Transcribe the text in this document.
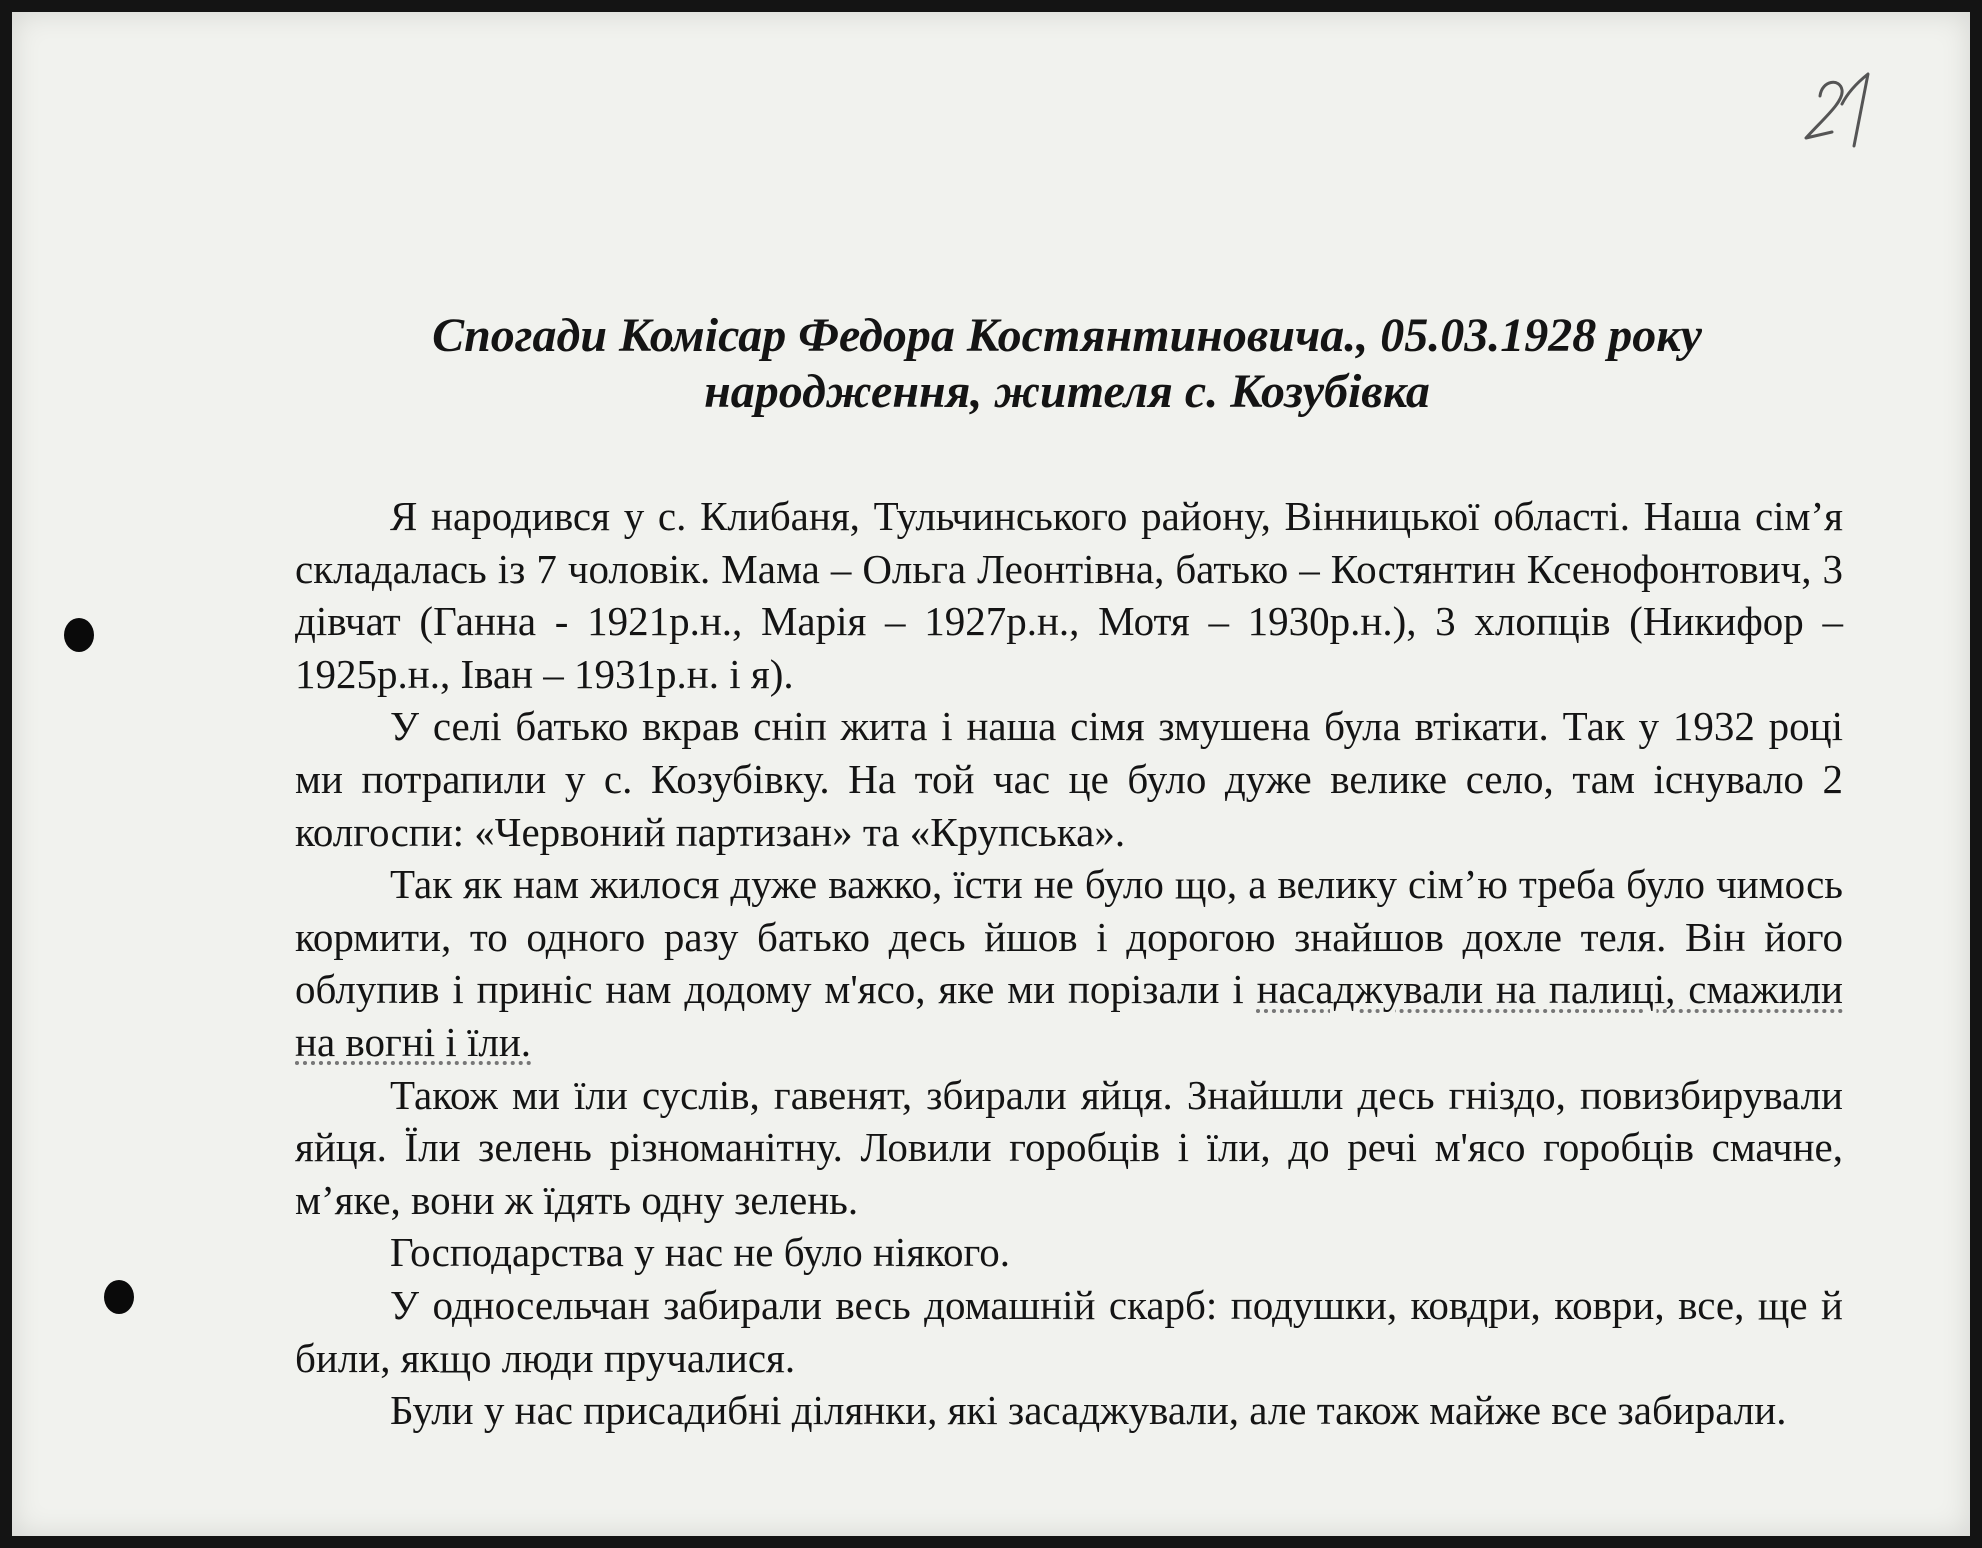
Спогади Комісар Федора Костянтиновича., 05.03.1928 року
народження, жителя с. Козубівка

Я народився у с. Клибаня, Тульчинського району, Вінницької області. Наша сім’я складалась із 7 чоловік. Мама – Ольга Леонтівна, батько – Костянтин Ксенофонтович, 3 дівчат (Ганна - 1921р.н., Марія – 1927р.н., Мотя – 1930р.н.), 3 хлопців (Никифор – 1925р.н., Іван – 1931р.н. і я).

У селі батько вкрав сніп жита і наша сімя змушена була втікати. Так у 1932 році ми потрапили у с. Козубівку. На той час це було дуже велике село, там існувало 2 колгоспи: «Червоний партизан» та «Крупська».

Так як нам жилося дуже важко, їсти не було що, а велику сім’ю треба було чимось кормити, то одного разу батько десь йшов і дорогою знайшов дохле теля. Він його облупив і приніс нам додому м'ясо, яке ми порізали і насаджували на палиці, смажили на вогні і їли.

Також ми їли суслів, гавенят, збирали яйця. Знайшли десь гніздо, повизбирували яйця. Їли зелень різноманітну. Ловили горобців і їли, до речі м'ясо горобців смачне, м’яке, вони ж їдять одну зелень.

Господарства у нас не було ніякого.

У односельчан забирали весь домашній скарб: подушки, ковдри, коври, все, ще й били, якщо люди пручалися.

Були у нас присадибні ділянки, які засаджували, але також майже все забирали.
